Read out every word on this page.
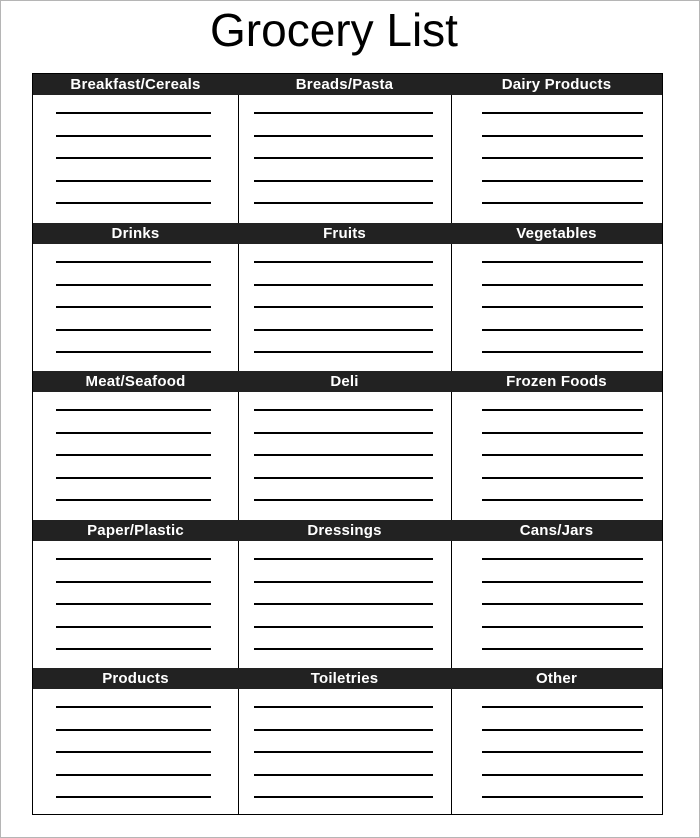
Grocery List
Breakfast/Cereals	Breads/Pasta	Dairy Products
Drinks	Fruits	Vegetables
Meat/Seafood	Deli	Frozen Foods
Paper/Plastic	Dressings	Cans/Jars
Products	Toiletries	Other
